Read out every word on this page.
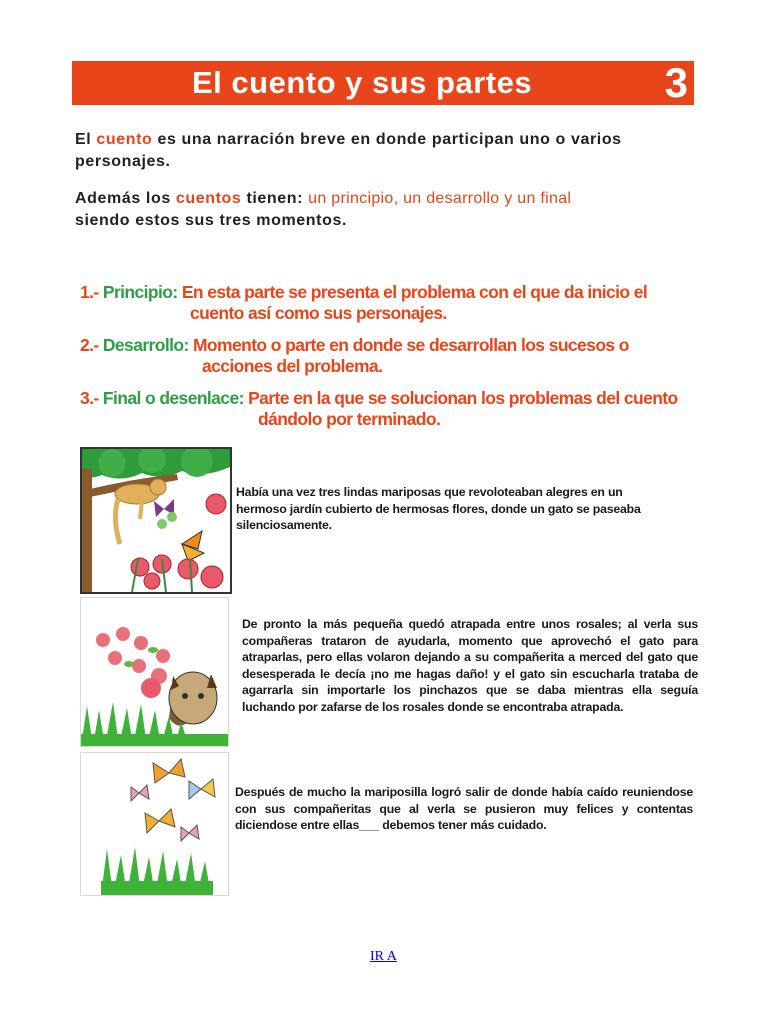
El cuento y sus partes	3

El cuento es una narración breve en donde participan uno o varios personajes.

Además los cuentos tienen: un principio, un desarrollo y un final
siendo estos sus tres momentos.

1.- Principio: En esta parte se presenta el problema con el que da inicio el
cuento así como sus personajes.
2.- Desarrollo: Momento o parte en donde se desarrollan los sucesos o
acciones del problema.
3.- Final o desenlace: Parte en la que se solucionan los problemas del cuento
dándolo por terminado.
Había una vez tres lindas mariposas que revoloteaban alegres en un hermoso jardín cubierto de hermosas flores, donde un gato se paseaba silenciosamente.
De pronto la más pequeña quedó atrapada entre unos rosales; al verla sus compañeras trataron de ayudarla, momento que aprovechó el gato para atraparlas, pero ellas volaron dejando a su compañerita a merced del gato que desesperada le decía ¡no me hagas daño! y el gato sin escucharla trataba de agarrarla sin importarle los pinchazos que se daba mientras ella seguía luchando por zafarse de los rosales donde se encontraba atrapada.
Después de mucho la mariposilla logró salir de donde había caído reuniendose con sus compañeritas que al verla se pusieron muy felices y contentas diciendose entre ellas___ debemos tener más cuidado.
IR A
